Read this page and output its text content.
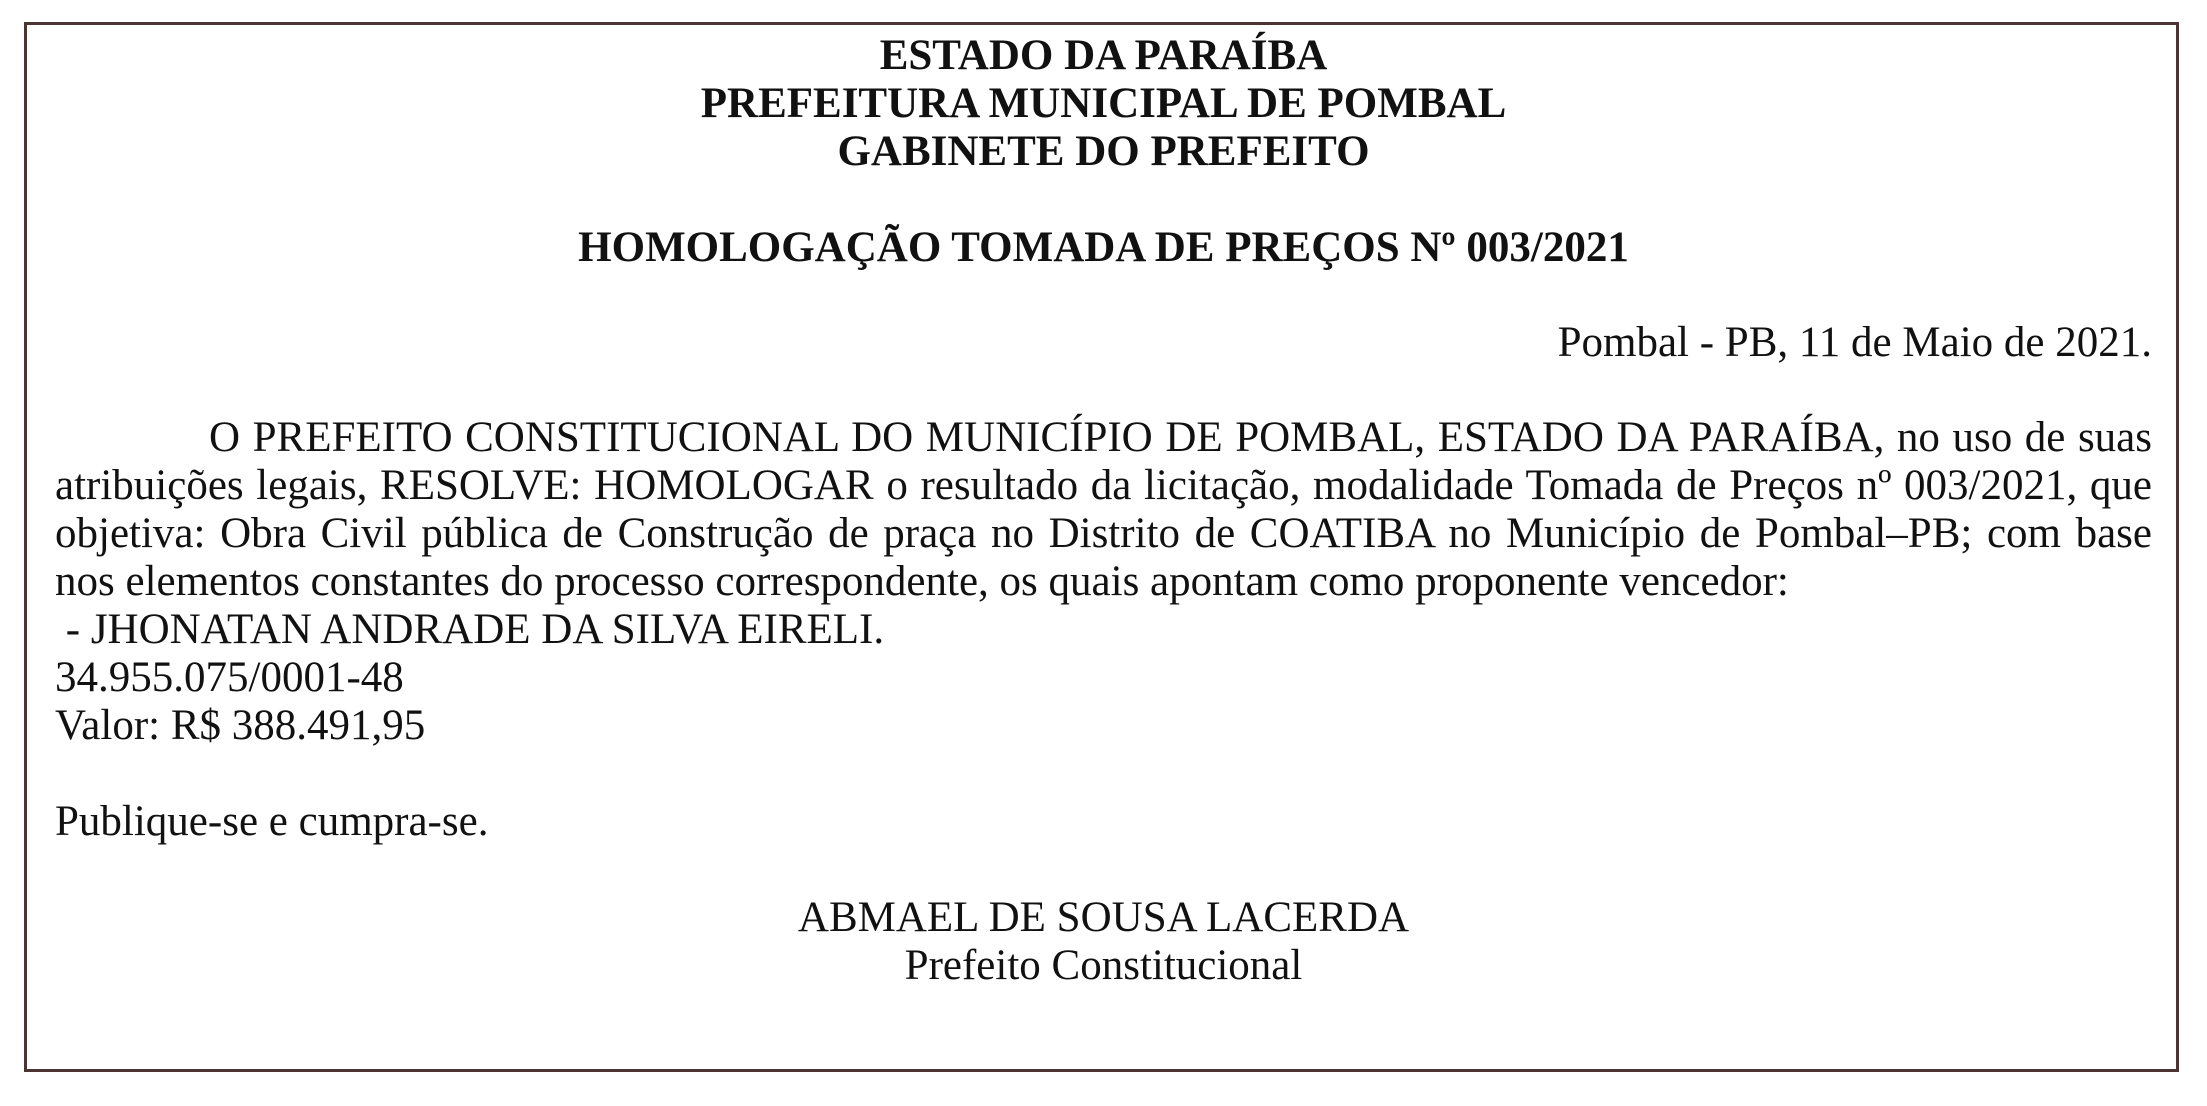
ESTADO DA PARAÍBA

PREFEITURA MUNICIPAL DE POMBAL

GABINETE DO PREFEITO

HOMOLOGAÇÃO TOMADA DE PREÇOS Nº 003/2021

Pombal - PB, 11 de Maio de 2021.

O PREFEITO CONSTITUCIONAL DO MUNICÍPIO DE POMBAL, ESTADO DA PARAÍBA, no uso de suas atribuições legais, RESOLVE: HOMOLOGAR o resultado da licitação, modalidade Tomada de Preços nº 003/2021, que objetiva: Obra Civil pública de Construção de praça no Distrito de COATIBA no Município de Pombal–PB; com base nos elementos constantes do processo correspondente, os quais apontam como proponente vencedor:

- JHONATAN ANDRADE DA SILVA EIRELI.

34.955.075/0001-48

Valor: R$ 388.491,95

Publique-se e cumpra-se.

ABMAEL DE SOUSA LACERDA

Prefeito Constitucional
